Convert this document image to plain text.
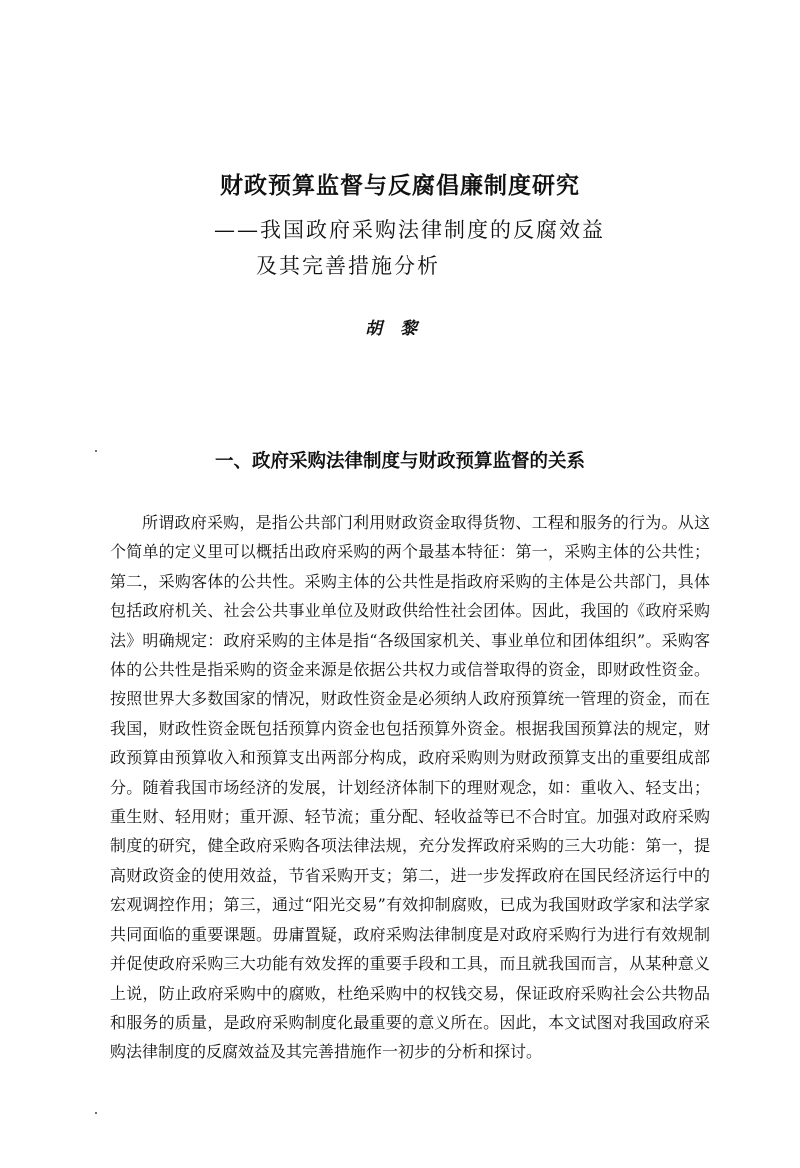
财政预算监督与反腐倡廉制度研究

——我国政府采购法律制度的反腐效益
及其完善措施分析

胡黎

一、政府采购法律制度与财政预算监督的关系

所谓政府采购，是指公共部门利用财政资金取得货物、工程和服务的行为。从这个简单的定义里可以概括出政府采购的两个最基本特征：第一，采购主体的公共性；第二，采购客体的公共性。采购主体的公共性是指政府采购的主体是公共部门，具体包括政府机关、社会公共事业单位及财政供给性社会团体。因此，我国的《政府采购法》明确规定：政府采购的主体是指“各级国家机关、事业单位和团体组织”。采购客体的公共性是指采购的资金来源是依据公共权力或信誉取得的资金，即财政性资金。按照世界大多数国家的情况，财政性资金是必须纳人政府预算统一管理的资金，而在我国，财政性资金既包括预算内资金也包括预算外资金。根据我国预算法的规定，财政预算由预算收入和预算支出两部分构成，政府采购则为财政预算支出的重要组成部分。随着我国市场经济的发展，计划经济体制下的理财观念，如：重收入、轻支出；重生财、轻用财；重开源、轻节流；重分配、轻收益等已不合时宜。加强对政府采购制度的研究，健全政府采购各项法律法规，充分发挥政府采购的三大功能：第一，提高财政资金的使用效益，节省采购开支；第二，进一步发挥政府在国民经济运行中的宏观调控作用；第三，通过“阳光交易”有效抑制腐败，已成为我国财政学家和法学家共同面临的重要课题。毋庸置疑，政府采购法律制度是对政府采购行为进行有效规制并促使政府采购三大功能有效发挥的重要手段和工具，而且就我国而言，从某种意义上说，防止政府采购中的腐败，杜绝采购中的权钱交易，保证政府采购社会公共物品和服务的质量，是政府采购制度化最重要的意义所在。因此，本文试图对我国政府采购法律制度的反腐效益及其完善措施作一初步的分析和探讨。
